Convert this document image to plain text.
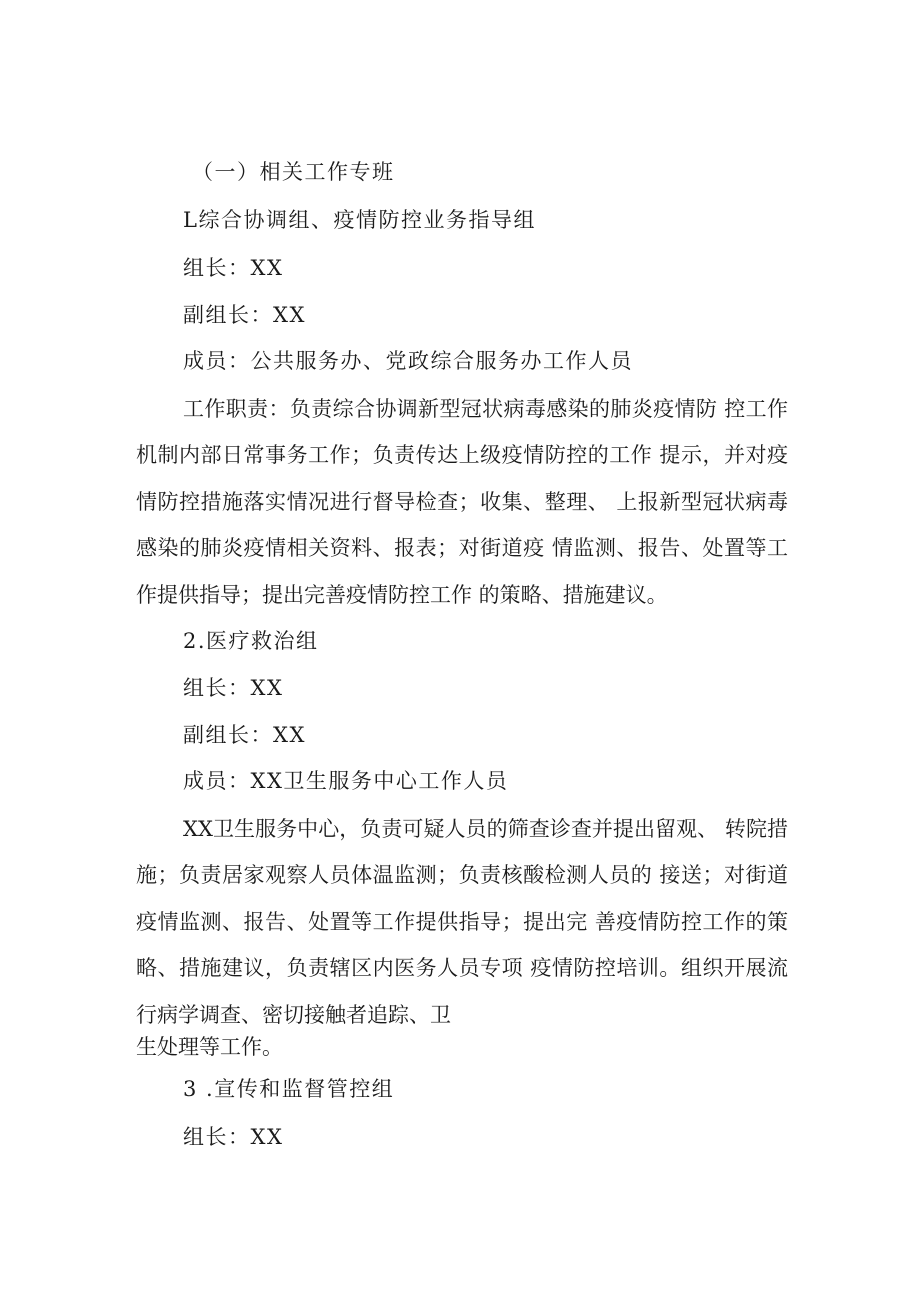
（一）相关工作专班
L综合协调组、疫情防控业务指导组
组长：XX
副组长：XX
成员：公共服务办、党政综合服务办工作人员
工作职责：负责综合协调新型冠状病毒感染的肺炎疫情防 控工作
机制内部日常事务工作；负责传达上级疫情防控的工作 提示，并对疫
情防控措施落实情况进行督导检查；收集、整理、 上报新型冠状病毒
感染的肺炎疫情相关资料、报表；对街道疫 情监测、报告、处置等工
作提供指导；提出完善疫情防控工作 的策略、措施建议。
2.医疗救治组
组长：XX
副组长：XX
成员：XX卫生服务中心工作人员
XX卫生服务中心，负责可疑人员的筛查诊查并提出留观、 转院措
施；负责居家观察人员体温监测；负责核酸检测人员的 接送；对街道
疫情监测、报告、处置等工作提供指导；提出完 善疫情防控工作的策
略、措施建议，负责辖区内医务人员专项 疫情防控培训。组织开展流
行病学调查、密切接触者追踪、卫
生处理等工作。
3 .宣传和监督管控组
组长：XX
